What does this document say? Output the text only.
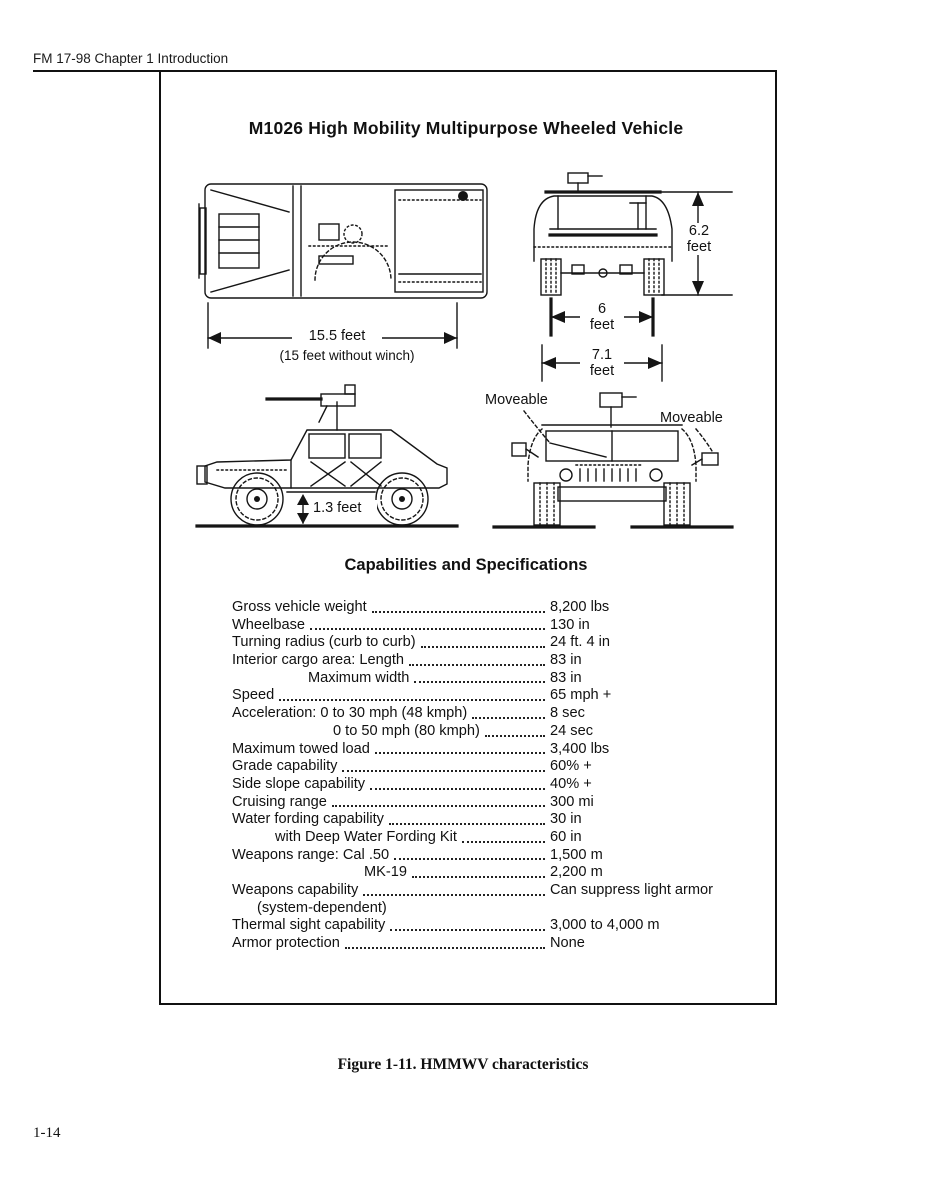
FM 17-98 Chapter 1 Introduction
M1026 High Mobility Multipurpose Wheeled Vehicle
15.5 feet
(15 feet without winch)
6.2
feet
6
feet
7.1
feet
1.3 feet
Moveable
Moveable
Capabilities and Specifications
Gross vehicle weight	8,200 lbs
Wheelbase	130 in
Turning radius (curb to curb)	24 ft. 4 in
Interior cargo area: Length	83 in
Maximum width	83 in
Speed	65 mph +
Acceleration: 0 to 30 mph (48 kmph)	8 sec
0 to 50 mph (80 kmph)	24 sec
Maximum towed load	3,400 lbs
Grade capability	60% +
Side slope capability	40% +
Cruising range	300 mi
Water fording capability	30 in
with Deep Water Fording Kit	60 in
Weapons range: Cal .50	1,500 m
MK-19	2,200 m
Weapons capability	Can suppress light armor
(system-dependent)
Thermal sight capability	3,000 to 4,000 m
Armor protection	None
Figure 1-11. HMMWV characteristics
1-14
